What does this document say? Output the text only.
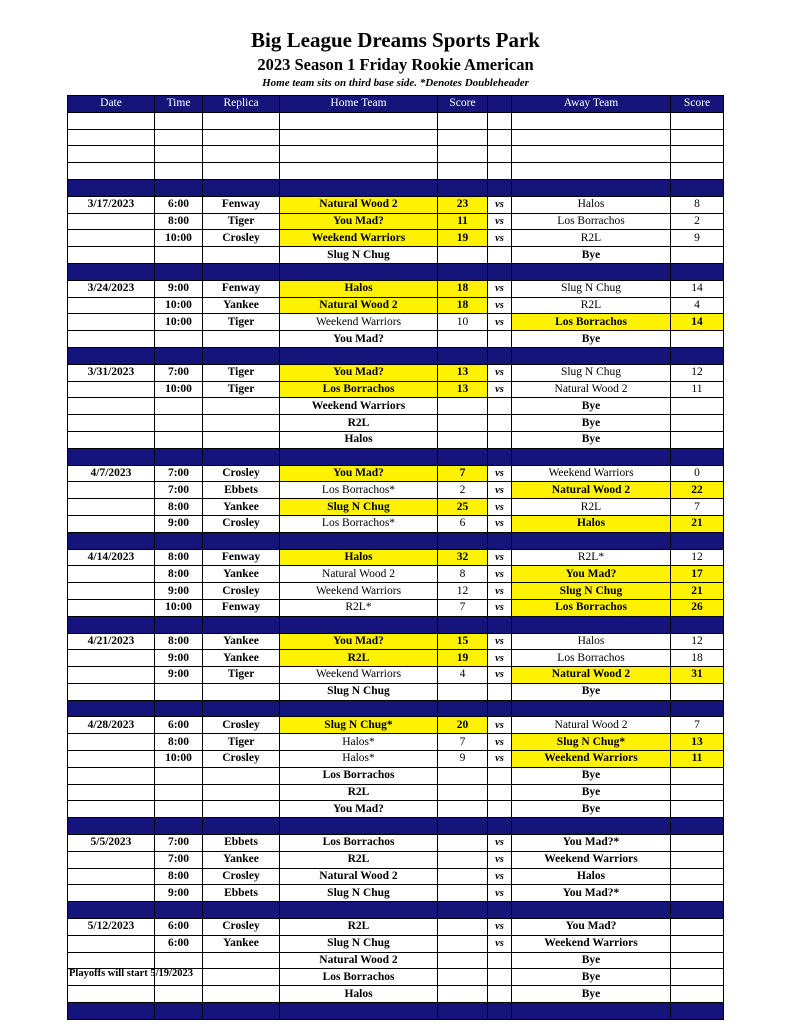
Big League Dreams Sports Park
2023 Season 1 Friday Rookie American
Home team sits on third base side. *Denotes Doubleheader
Date	Time	Replica	Home Team	Score		Away Team	Score

3/17/2023	6:00	Fenway	Natural Wood 2	23	vs	Halos	8
	8:00	Tiger	You Mad?	11	vs	Los Borrachos	2
	10:00	Crosley	Weekend Warriors	19	vs	R2L	9
			Slug N Chug			Bye	

3/24/2023	9:00	Fenway	Halos	18	vs	Slug N Chug	14
	10:00	Yankee	Natural Wood 2	18	vs	R2L	4
	10:00	Tiger	Weekend Warriors	10	vs	Los Borrachos	14
			You Mad?			Bye	

3/31/2023	7:00	Tiger	You Mad?	13	vs	Slug N Chug	12
	10:00	Tiger	Los Borrachos	13	vs	Natural Wood 2	11
			Weekend Warriors			Bye	
			R2L			Bye	
			Halos			Bye	

4/7/2023	7:00	Crosley	You Mad?	7	vs	Weekend Warriors	0
	7:00	Ebbets	Los Borrachos*	2	vs	Natural Wood 2	22
	8:00	Yankee	Slug N Chug	25	vs	R2L	7
	9:00	Crosley	Los Borrachos*	6	vs	Halos	21

4/14/2023	8:00	Fenway	Halos	32	vs	R2L*	12
	8:00	Yankee	Natural Wood 2	8	vs	You Mad?	17
	9:00	Crosley	Weekend Warriors	12	vs	Slug N Chug	21
	10:00	Fenway	R2L*	7	vs	Los Borrachos	26

4/21/2023	8:00	Yankee	You Mad?	15	vs	Halos	12
	9:00	Yankee	R2L	19	vs	Los Borrachos	18
	9:00	Tiger	Weekend Warriors	4	vs	Natural Wood 2	31
			Slug N Chug			Bye	

4/28/2023	6:00	Crosley	Slug N Chug*	20	vs	Natural Wood 2	7
	8:00	Tiger	Halos*	7	vs	Slug N Chug*	13
	10:00	Crosley	Halos*	9	vs	Weekend Warriors	11
			Los Borrachos			Bye	
			R2L			Bye	
			You Mad?			Bye	

5/5/2023	7:00	Ebbets	Los Borrachos		vs	You Mad?*	
	7:00	Yankee	R2L		vs	Weekend Warriors	
	8:00	Crosley	Natural Wood 2		vs	Halos	
	9:00	Ebbets	Slug N Chug		vs	You Mad?*	

5/12/2023	6:00	Crosley	R2L		vs	You Mad?	
	6:00	Yankee	Slug N Chug		vs	Weekend Warriors	
			Natural Wood 2			Bye	
			Los Borrachos			Bye	
			Halos			Bye	

Playoffs will start 5/19/2023
